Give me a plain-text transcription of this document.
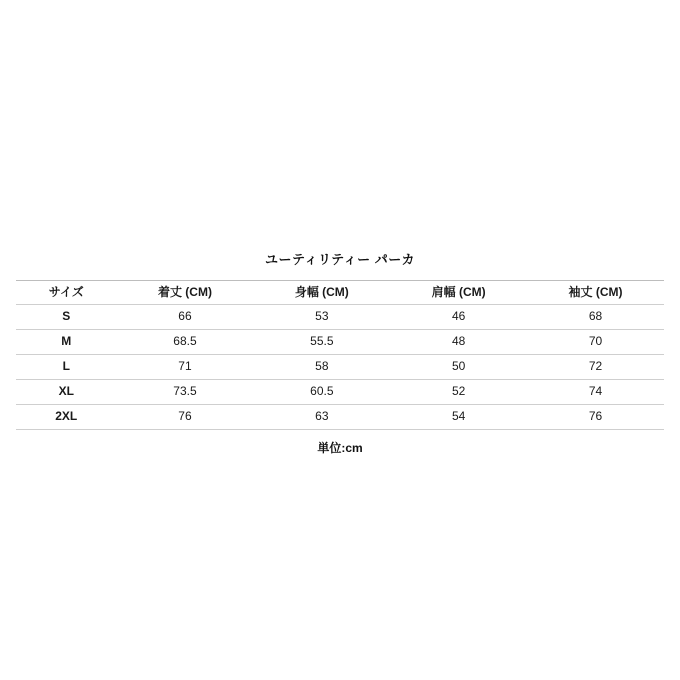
ユーティリティー パーカ
サイズ	着丈 (CM)	身幅 (CM)	肩幅 (CM)	袖丈 (CM)
S	66	53	46	68
M	68.5	55.5	48	70
L	71	58	50	72
XL	73.5	60.5	52	74
2XL	76	63	54	76
単位:cm
